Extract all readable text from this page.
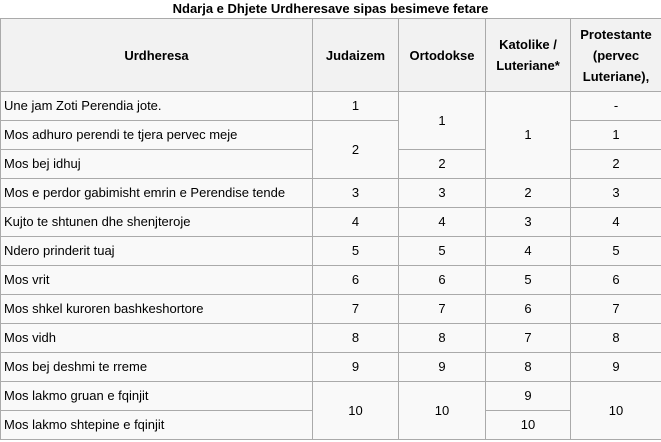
Ndarja e Dhjete Urdheresave sipas besimeve fetare
Urdheresa	Judaizem	Ortodokse	Katolike / Luteriane*	Protestante (pervec Luteriane),
Une jam Zoti Perendia jote.	1	1	1	-
Mos adhuro perendi te tjera pervec meje	2			1
Mos bej idhuj		2		2
Mos e perdor gabimisht emrin e Perendise tende	3	3	2	3
Kujto te shtunen dhe shenjteroje	4	4	3	4
Ndero prinderit tuaj	5	5	4	5
Mos vrit	6	6	5	6
Mos shkel kuroren bashkeshortore	7	7	6	7
Mos vidh	8	8	7	8
Mos bej deshmi te rreme	9	9	8	9
Mos lakmo gruan e fqinjit	10	10	9	10
Mos lakmo shtepine e fqinjit			10	
